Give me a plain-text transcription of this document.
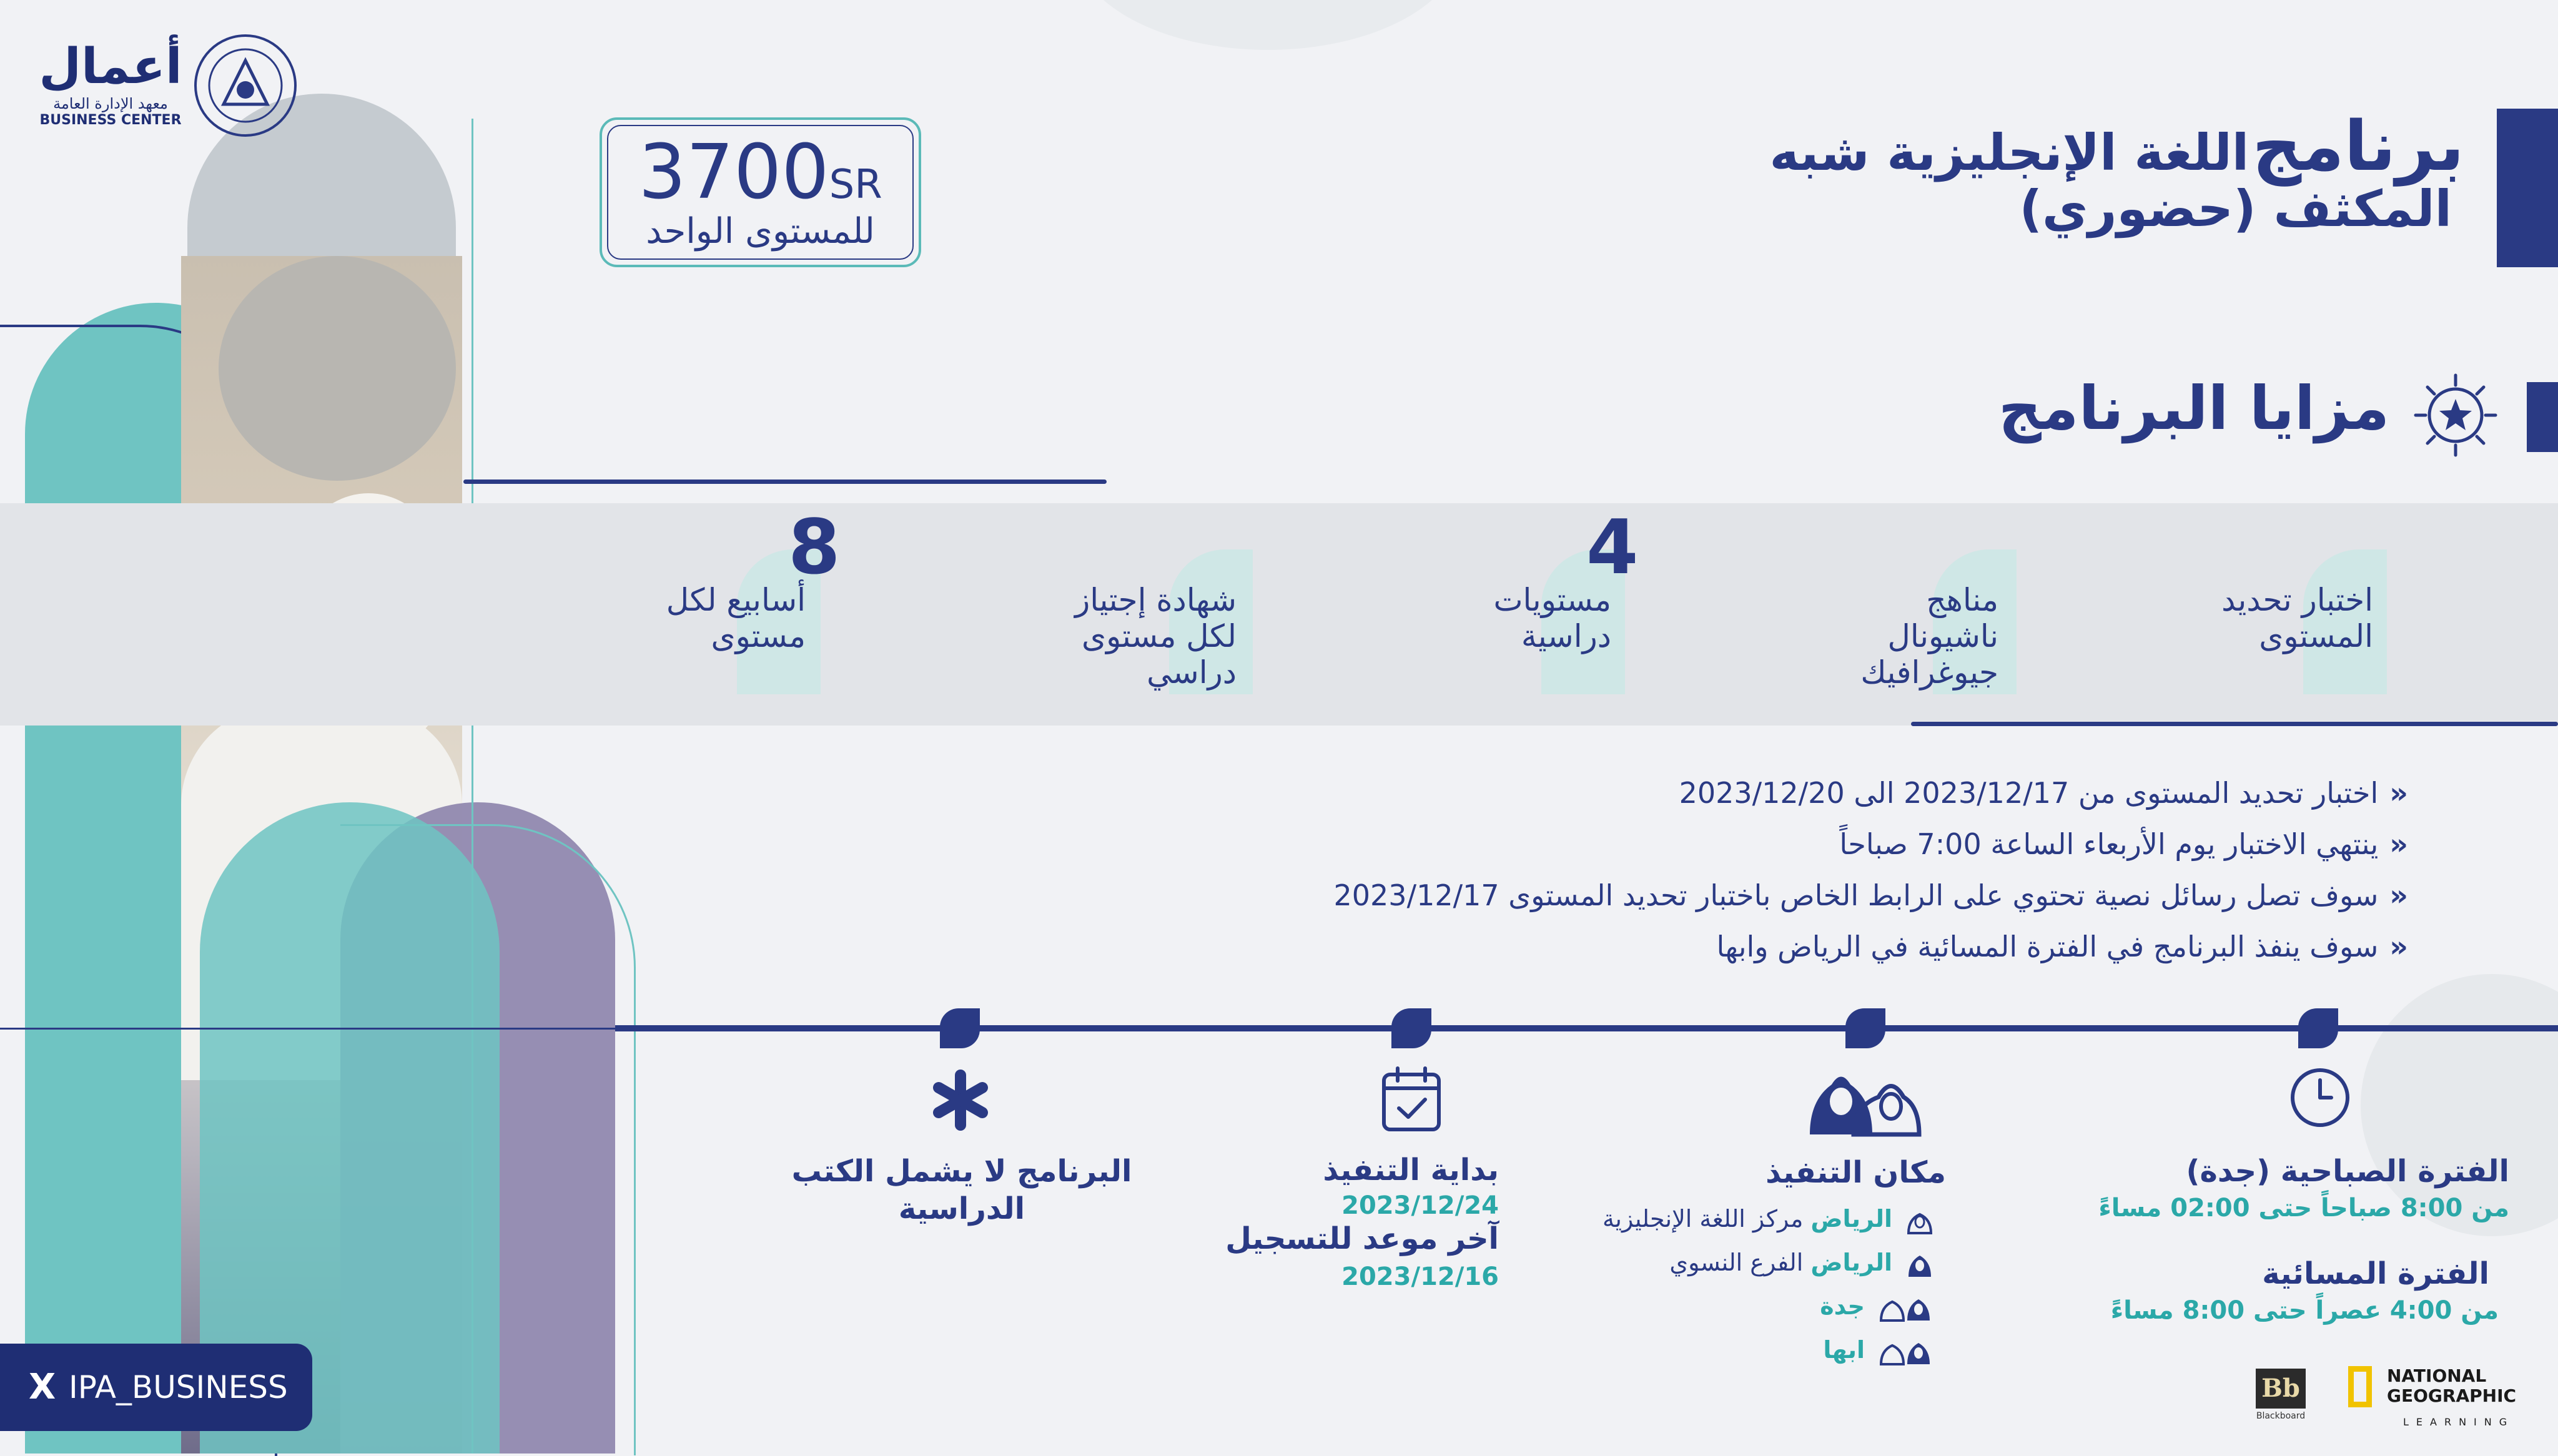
أعمال
معهد الإدارة العامة
BUSINESS CENTER
3700SR
للمستوى الواحد
برنامج اللغة الإنجليزية شبه
المكثف (حضوري)
مزايا البرنامج
اختبار تحديد المستوى
مناهج ناشيونال جيوغرافيك
4
مستويات دراسية
شهادة إجتياز لكل مستوى دراسي
8
أسابيع لكل مستوى
«اختبار تحديد المستوى من 2023/12/17 الى 2023/12/20
«ينتهي الاختبار يوم الأربعاء الساعة 7:00 صباحاً
«سوف تصل رسائل نصية تحتوي على الرابط الخاص باختبار تحديد المستوى 2023/12/17
«سوف ينفذ البرنامج في الفترة المسائية في الرياض وابها
الفترة الصباحية (جدة)
من 8:00 صباحاً حتى 02:00 مساءً
الفترة المسائية
من 4:00 عصراً حتى 8:00 مساءً
مكان التنفيذ
الرياض مركز اللغة الإنجليزية
الرياض الفرع النسوي
جدة
ابها
بداية التنفيذ
2023/12/24
آخر موعد للتسجيل
2023/12/16
البرنامج لا يشمل الكتب الدراسية
Bb
Blackboard
NATIONAL
GEOGRAPHIC
LEARNING
X IPA_BUSINESS
